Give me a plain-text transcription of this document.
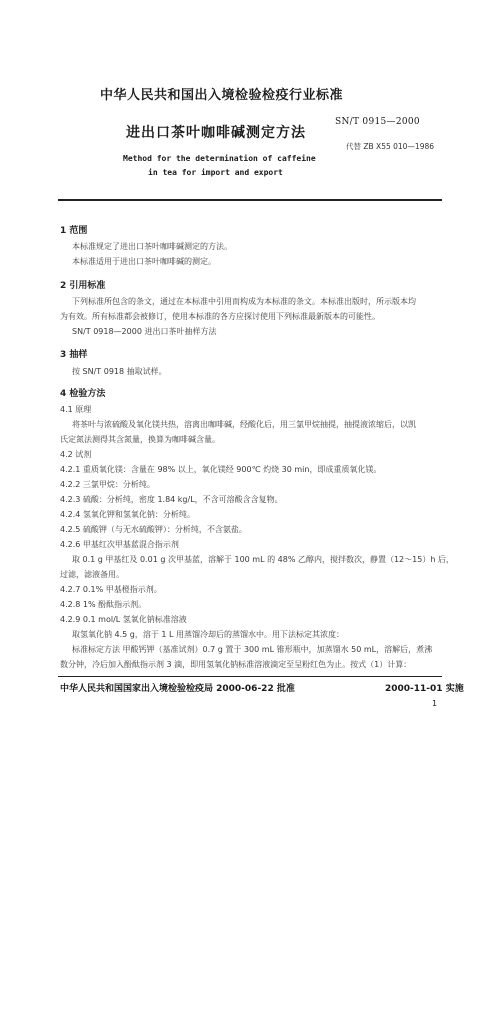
中华人民共和国出入境检验检疫行业标准
进出口茶叶咖啡碱测定方法
SN/T 0915—2000
代替 ZB X55 010—1986
Method for the determination of caffeine
in tea for import and export
1 范围
本标准规定了进出口茶叶咖啡碱测定的方法。
本标准适用于进出口茶叶咖啡碱的测定。
2 引用标准
下列标准所包含的条文，通过在本标准中引用而构成为本标准的条文。本标准出版时，所示版本均
为有效。所有标准都会被修订，使用本标准的各方应探讨使用下列标准最新版本的可能性。
SN/T 0918—2000 进出口茶叶抽样方法
3 抽样
按 SN/T 0918 抽取试样。
4 检验方法
4.1 原理
将茶叶与浓硫酸及氧化镁共热，溶离出咖啡碱，经酸化后，用三氯甲烷抽提，抽提液浓缩后，以凯
氏定氮法测得其含氮量，换算为咖啡碱含量。
4.2 试剂
4.2.1 重质氧化镁：含量在 98% 以上，氧化镁经 900℃ 灼烧 30 min，即成重质氧化镁。
4.2.2 三氯甲烷：分析纯。
4.2.3 硫酸：分析纯，密度 1.84 kg/L，不含可溶酸含含复物。
4.2.4 氢氧化钾和氢氧化钠：分析纯。
4.2.5 硫酸钾（与无水硫酸钾）：分析纯，不含氨盐。
4.2.6 甲基红次甲基蓝混合指示剂
取 0.1 g 甲基红及 0.01 g 次甲基蓝，溶解于 100 mL 的 48% 乙醇内，搅拌数次，静置（12～15）h 后，
过滤，滤液备用。
4.2.7 0.1% 甲基橙指示剂。
4.2.8 1% 酚酞指示剂。
4.2.9 0.1 mol/L 氢氧化钠标准溶液
取氢氧化钠 4.5 g，溶于 1 L 用蒸馏冷却后的蒸馏水中。用下法标定其浓度：
标准标定方法 甲酸钙钾（基准试剂）0.7 g 置于 300 mL 锥形瓶中，加蒸馏水 50 mL，溶解后，煮沸
数分钟，冷后加入酚酞指示剂 3 滴，即用氢氧化钠标准溶液滴定至呈粉红色为止。按式（1）计算：
中华人民共和国国家出入境检验检疫局 2000-06-22 批准	2000-11-01 实施
1
